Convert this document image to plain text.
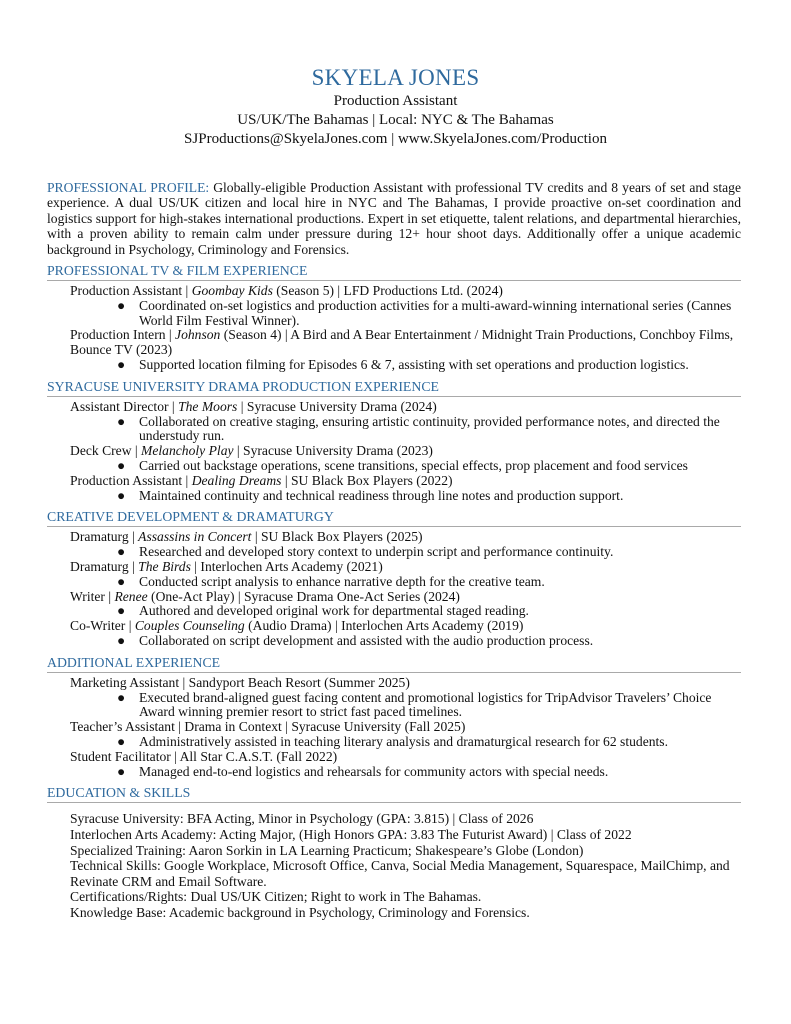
SKYELA JONES
Production Assistant
US/UK/The Bahamas | Local: NYC & The Bahamas
SJProductions@SkyelaJones.com | www.SkyelaJones.com/Production

PROFESSIONAL PROFILE: Globally-eligible Production Assistant with professional TV credits and 8 years of set and stage experience. A dual US/UK citizen and local hire in NYC and The Bahamas, I provide proactive on-set coordination and logistics support for high-stakes international productions. Expert in set etiquette, talent relations, and departmental hierarchies, with a proven ability to remain calm under pressure during 12+ hour shoot days. Additionally offer a unique academic background in Psychology, Criminology and Forensics.

PROFESSIONAL TV & FILM EXPERIENCE
Production Assistant | Goombay Kids (Season 5) | LFD Productions Ltd. (2024)
● Coordinated on-set logistics and production activities for a multi-award-winning international series (Cannes World Film Festival Winner).
Production Intern | Johnson (Season 4) | A Bird and A Bear Entertainment / Midnight Train Productions, Conchboy Films, Bounce TV (2023)
● Supported location filming for Episodes 6 & 7, assisting with set operations and production logistics.
SYRACUSE UNIVERSITY DRAMA PRODUCTION EXPERIENCE
Assistant Director | The Moors | Syracuse University Drama (2024)
● Collaborated on creative staging, ensuring artistic continuity, provided performance notes, and directed the understudy run.
Deck Crew | Melancholy Play | Syracuse University Drama (2023)
● Carried out backstage operations, scene transitions, special effects, prop placement and food services
Production Assistant | Dealing Dreams | SU Black Box Players (2022)
● Maintained continuity and technical readiness through line notes and production support.
CREATIVE DEVELOPMENT & DRAMATURGY
Dramaturg | Assassins in Concert | SU Black Box Players (2025)
● Researched and developed story context to underpin script and performance continuity.
Dramaturg | The Birds | Interlochen Arts Academy (2021)
● Conducted script analysis to enhance narrative depth for the creative team.
Writer | Renee (One-Act Play) | Syracuse Drama One-Act Series (2024)
● Authored and developed original work for departmental staged reading.
Co-Writer | Couples Counseling (Audio Drama) | Interlochen Arts Academy (2019)
● Collaborated on script development and assisted with the audio production process.
ADDITIONAL EXPERIENCE
Marketing Assistant | Sandyport Beach Resort (Summer 2025)
● Executed brand-aligned guest facing content and promotional logistics for TripAdvisor Travelers’ Choice Award winning premier resort to strict fast paced timelines.
Teacher’s Assistant | Drama in Context | Syracuse University (Fall 2025)
● Administratively assisted in teaching literary analysis and dramaturgical research for 62 students.
Student Facilitator | All Star C.A.S.T. (Fall 2022)
● Managed end-to-end logistics and rehearsals for community actors with special needs.
EDUCATION & SKILLS
Syracuse University: BFA Acting, Minor in Psychology (GPA: 3.815) | Class of 2026
Interlochen Arts Academy: Acting Major, (High Honors GPA: 3.83 The Futurist Award) | Class of 2022
Specialized Training: Aaron Sorkin in LA Learning Practicum; Shakespeare’s Globe (London)
Technical Skills: Google Workplace, Microsoft Office, Canva, Social Media Management, Squarespace, MailChimp, and Revinate CRM and Email Software.
Certifications/Rights: Dual US/UK Citizen; Right to work in The Bahamas.
Knowledge Base: Academic background in Psychology, Criminology and Forensics.
